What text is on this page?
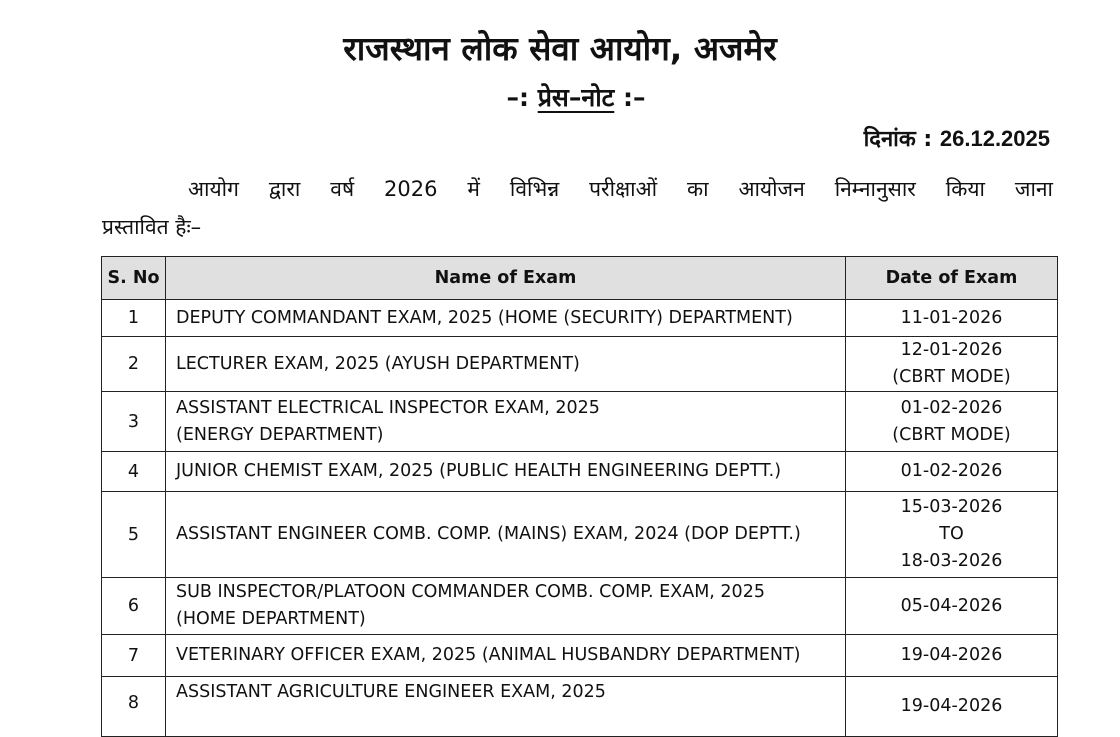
राजस्थान लोक सेवा आयोग, अजमेर
–: प्रेस–नोट :–
दिनांक : 26.12.2025
आयोग द्वारा वर्ष 2026 में विभिन्न परीक्षाओं का आयोजन निम्नानुसार किया जाना
प्रस्तावित हैः–
S. No	Name of Exam	Date of Exam
1	DEPUTY COMMANDANT EXAM, 2025 (HOME (SECURITY) DEPARTMENT)	11-01-2026

2	LECTURER EXAM, 2025 (AYUSH DEPARTMENT)	12-01-2026
(CBRT MODE)

3	ASSISTANT ELECTRICAL INSPECTOR EXAM, 2025
(ENERGY DEPARTMENT)	01-02-2026
(CBRT MODE)

4	JUNIOR CHEMIST EXAM, 2025 (PUBLIC HEALTH ENGINEERING DEPTT.)	01-02-2026

5	ASSISTANT ENGINEER COMB. COMP. (MAINS) EXAM, 2024 (DOP DEPTT.)	15-03-2026
TO
18-03-2026

6	SUB INSPECTOR/PLATOON COMMANDER COMB. COMP. EXAM, 2025
(HOME DEPARTMENT)	05-04-2026

7	VETERINARY OFFICER EXAM, 2025 (ANIMAL HUSBANDRY DEPARTMENT)	19-04-2026

8	ASSISTANT AGRICULTURE ENGINEER EXAM, 2025	19-04-2026
